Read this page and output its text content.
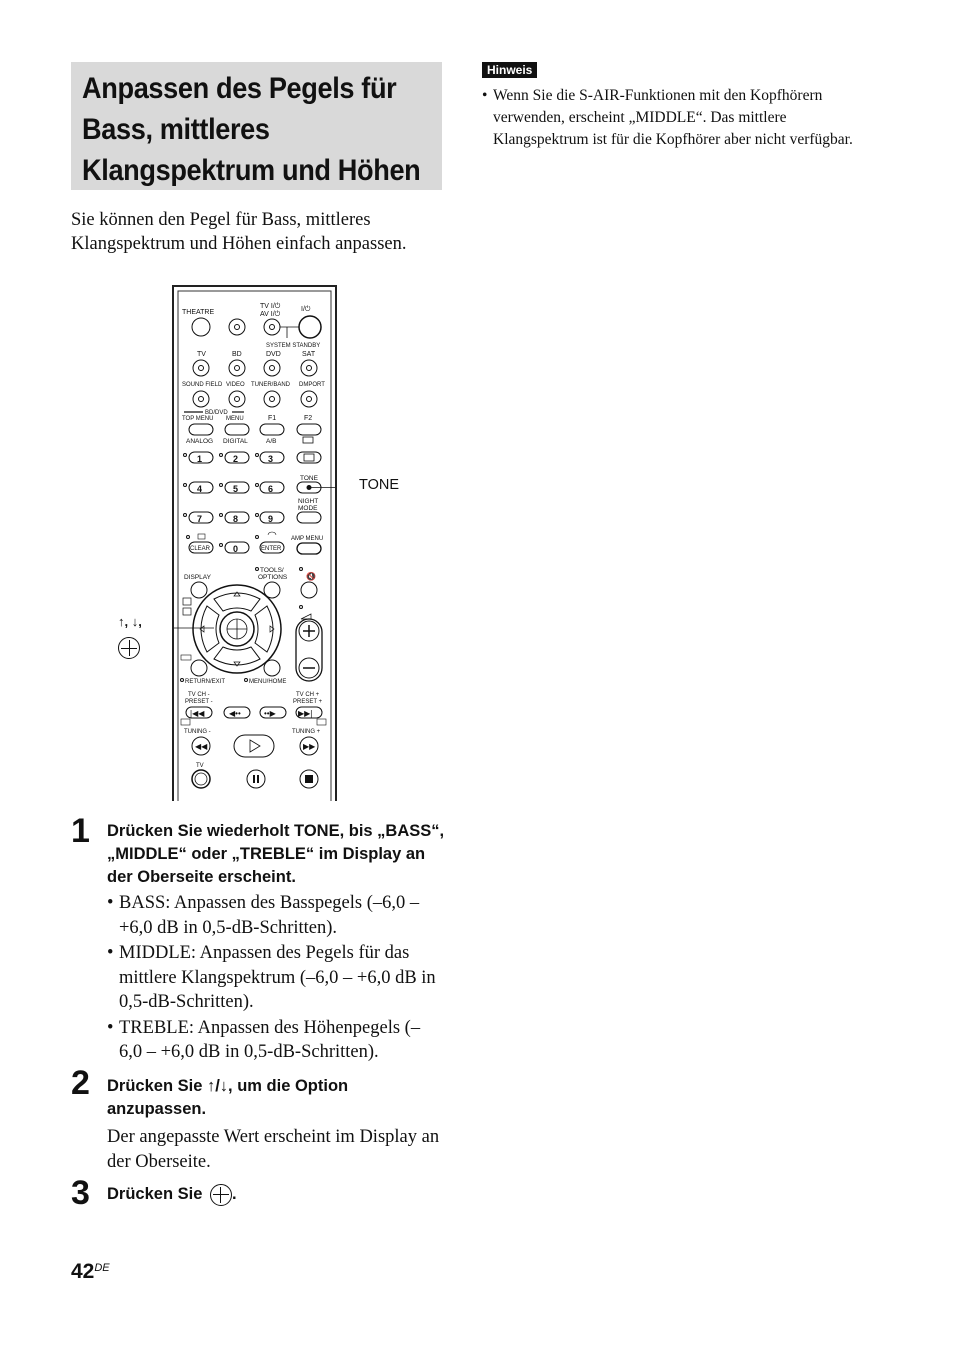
Anpassen des Pegels für
Bass, mittleres
Klangspektrum und Höhen

Sie können den Pegel für Bass, mittleres Klangspektrum und Höhen einfach anpassen.

Hinweis
• Wenn Sie die S-AIR-Funktionen mit den Kopfhörern verwenden, erscheint „MIDDLE“. Das mittlere Klangspektrum ist für die Kopfhörer aber nicht verfügbar.
THEATRE
TV I/⏻
AV I/⏻
I/⏻
SYSTEM STANDBY
TV	BD	DVD	SAT
SOUND FIELD VIDEO TUNER/BAND DMPORT
BD/DVD
TOP MENU MENU	F1	F2
ANALOG DIGITAL	A/B
1	2	3
TONE
4	5	6
NIGHT
MODE
7	8	9
CLEAR	0	ENTER
AMP MENU
TOOLS/
OPTIONS
DISPLAY	🔇
RETURN/EXIT	MENU/HOME
TV CH -
PRESET -
TV CH +
PRESET +
|◀◀	◀••	••▶	▶▶|
TUNING -	TUNING +
◀◀	▶▶
TV
TONE
↑, ↓,

1 Drücken Sie wiederholt TONE, bis „BASS“, „MIDDLE“ oder „TREBLE“ im Display an der Oberseite erscheint.
• BASS: Anpassen des Basspegels (–6,0 – +6,0 dB in 0,5-dB-Schritten).
• MIDDLE: Anpassen des Pegels für das mittlere Klangspektrum (–6,0 – +6,0 dB in 0,5-dB-Schritten).
• TREBLE: Anpassen des Höhenpegels (–6,0 – +6,0 dB in 0,5-dB-Schritten).
2 Drücken Sie ↑/↓, um die Option anzupassen.
Der angepasste Wert erscheint im Display an der Oberseite.
3 Drücken Sie .
42DE
